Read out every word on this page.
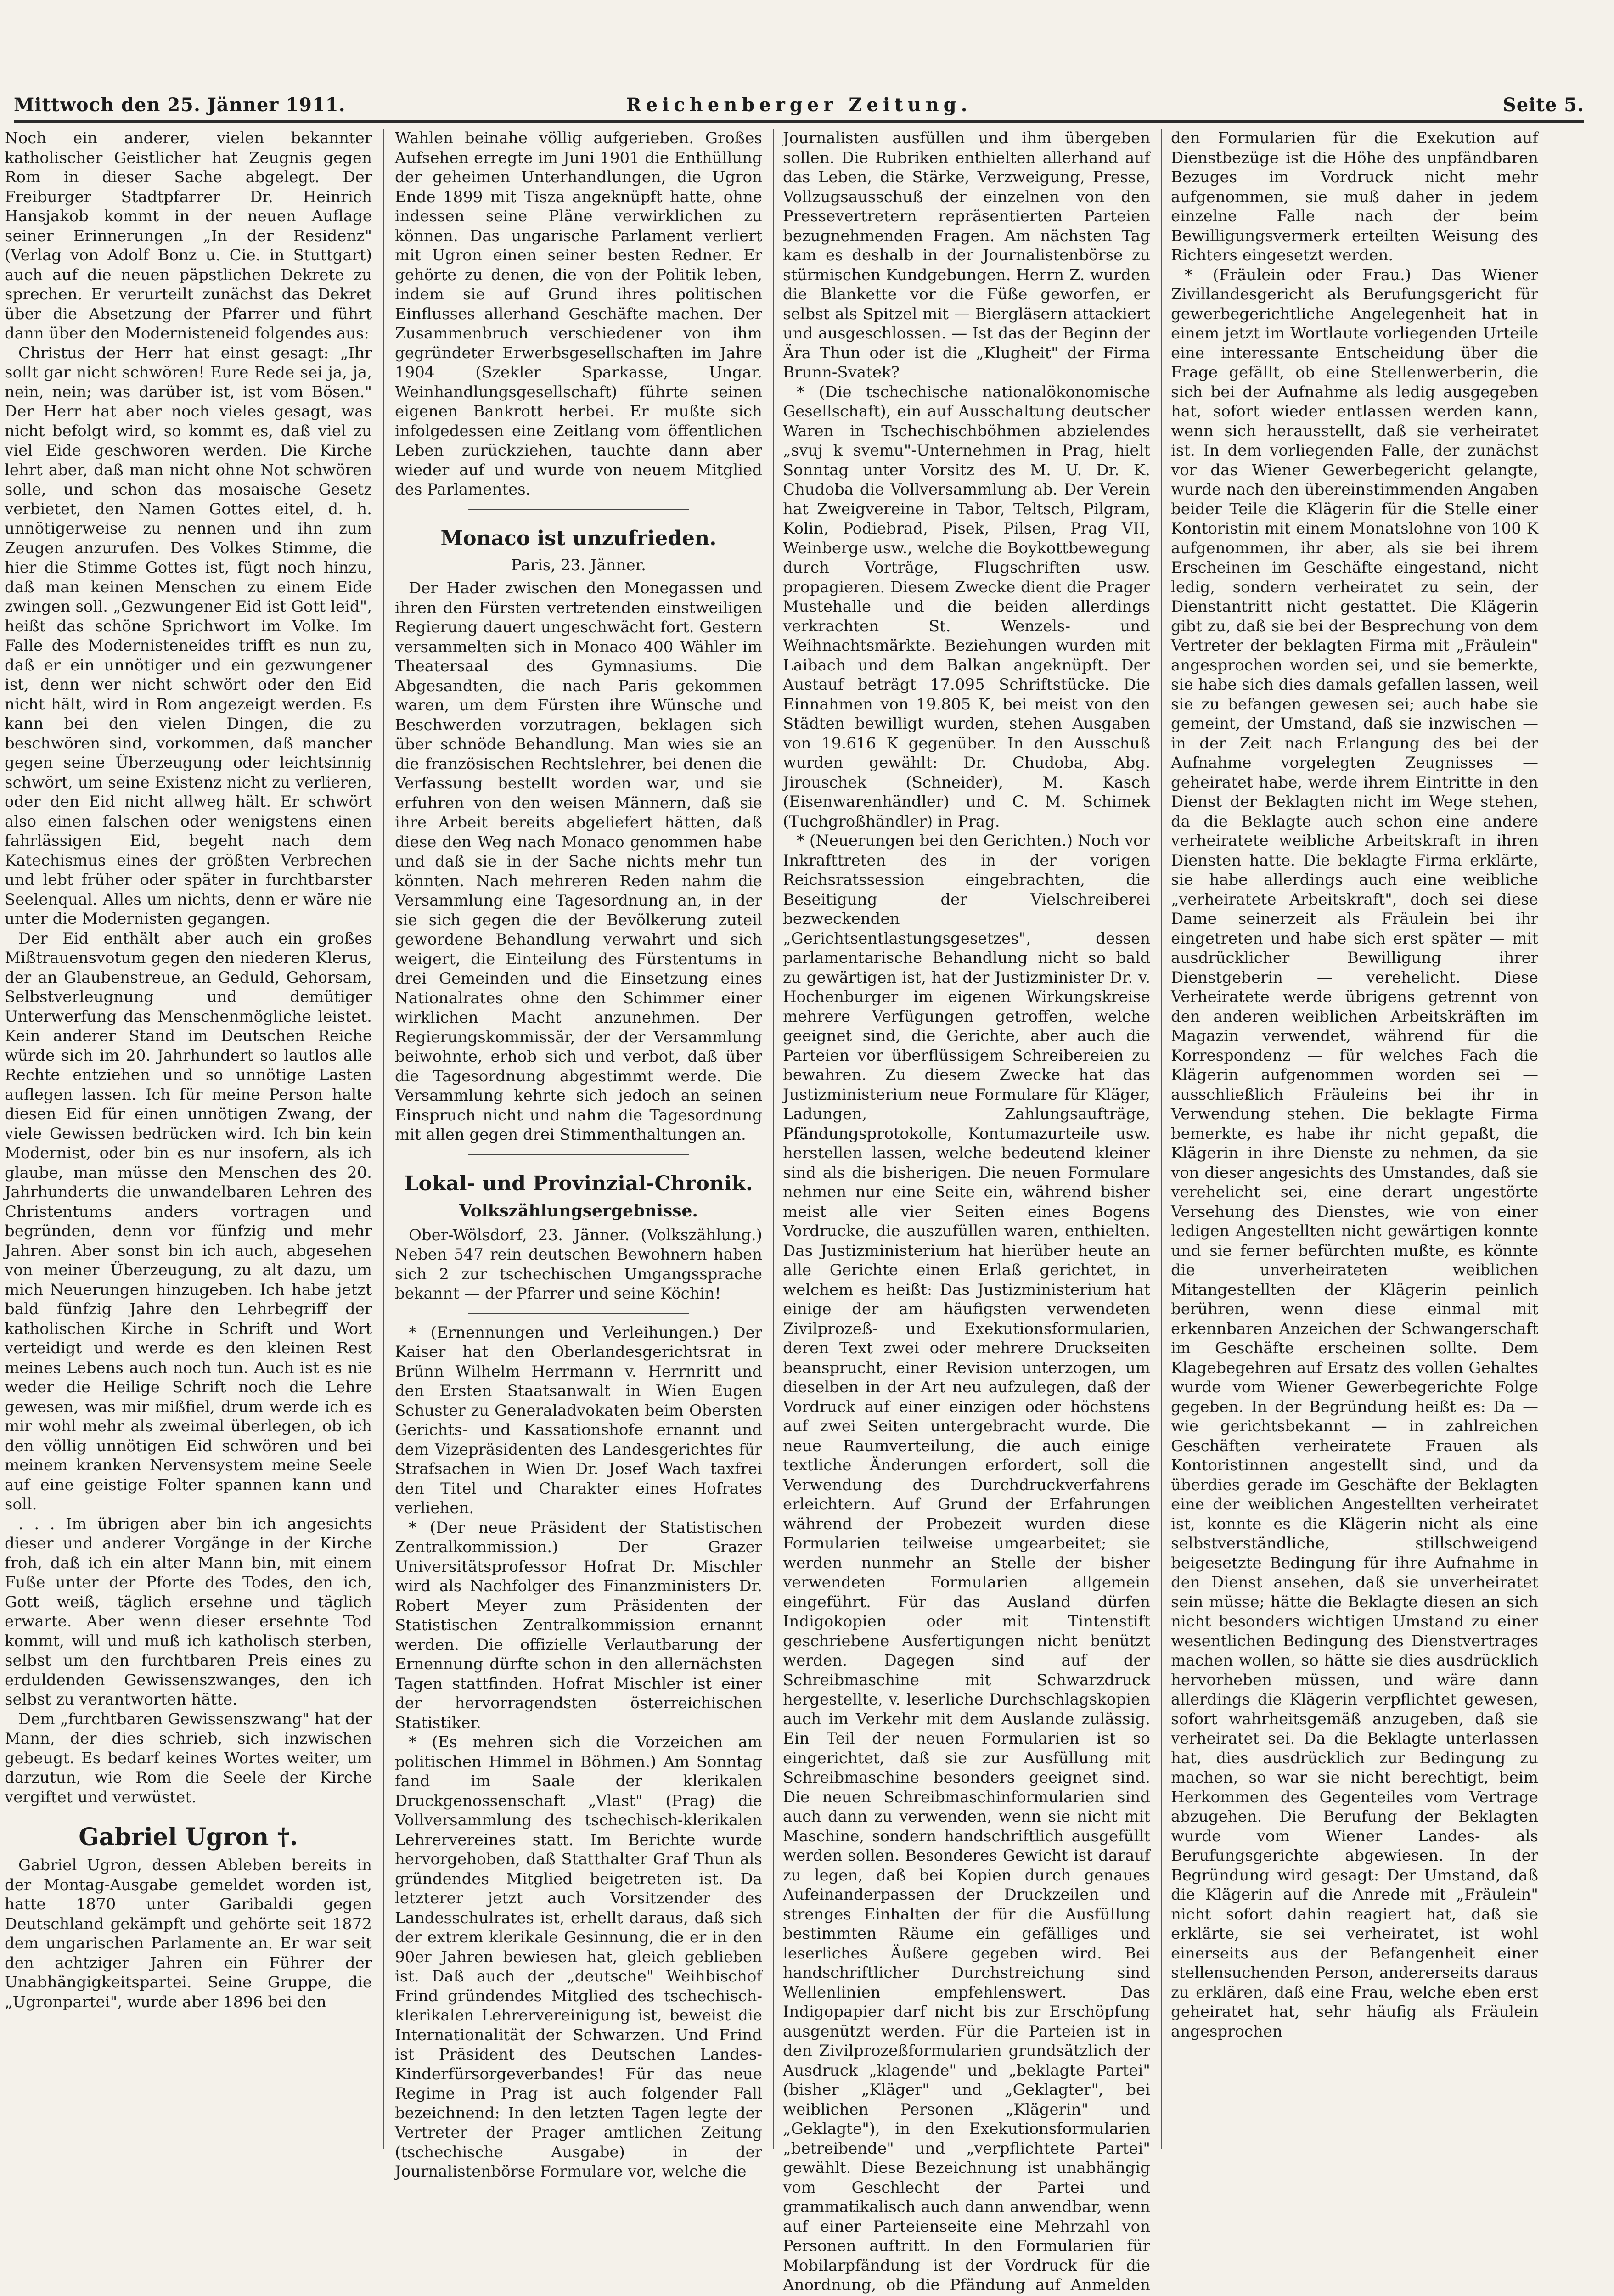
Mittwoch den 25. Jänner 1911.	Reichenberger Zeitung.	Seite 5.

Noch ein anderer, vielen bekannter katholischer Geistlicher hat Zeugnis gegen Rom in dieser Sache abgelegt. Der Freiburger Stadtpfarrer Dr. Heinrich Hansjakob kommt in der neuen Auflage seiner Erinnerungen „In der Residenz" (Verlag von Adolf Bonz u. Cie. in Stuttgart) auch auf die neuen päpstlichen Dekrete zu sprechen. Er verurteilt zunächst das Dekret über die Absetzung der Pfarrer und führt dann über den Modernisteneid folgendes aus:

Christus der Herr hat einst gesagt: „Ihr sollt gar nicht schwören! Eure Rede sei ja, ja, nein, nein; was darüber ist, ist vom Bösen." Der Herr hat aber noch vieles gesagt, was nicht befolgt wird, so kommt es, daß viel zu viel Eide geschworen werden. Die Kirche lehrt aber, daß man nicht ohne Not schwören solle, und schon das mosaische Gesetz verbietet, den Namen Gottes eitel, d. h. unnötigerweise zu nennen und ihn zum Zeugen anzurufen. Des Volkes Stimme, die hier die Stimme Gottes ist, fügt noch hinzu, daß man keinen Menschen zu einem Eide zwingen soll. „Gezwungener Eid ist Gott leid", heißt das schöne Sprichwort im Volke. Im Falle des Modernisteneides trifft es nun zu, daß er ein unnötiger und ein gezwungener ist, denn wer nicht schwört oder den Eid nicht hält, wird in Rom angezeigt werden. Es kann bei den vielen Dingen, die zu beschwören sind, vorkommen, daß mancher gegen seine Überzeugung oder leichtsinnig schwört, um seine Existenz nicht zu verlieren, oder den Eid nicht allweg hält. Er schwört also einen falschen oder wenigstens einen fahrlässigen Eid, begeht nach dem Katechismus eines der größten Verbrechen und lebt früher oder später in furchtbarster Seelenqual. Alles um nichts, denn er wäre nie unter die Modernisten gegangen.

Der Eid enthält aber auch ein großes Mißtrauensvotum gegen den niederen Klerus, der an Glaubenstreue, an Geduld, Gehorsam, Selbstverleugnung und demütiger Unterwerfung das Menschenmögliche leistet. Kein anderer Stand im Deutschen Reiche würde sich im 20. Jahrhundert so lautlos alle Rechte entziehen und so unnötige Lasten auflegen lassen. Ich für meine Person halte diesen Eid für einen unnötigen Zwang, der viele Gewissen bedrücken wird. Ich bin kein Modernist, oder bin es nur insofern, als ich glaube, man müsse den Menschen des 20. Jahrhunderts die unwandelbaren Lehren des Christentums anders vortragen und begründen, denn vor fünfzig und mehr Jahren. Aber sonst bin ich auch, abgesehen von meiner Überzeugung, zu alt dazu, um mich Neuerungen hinzugeben. Ich habe jetzt bald fünfzig Jahre den Lehrbegriff der katholischen Kirche in Schrift und Wort verteidigt und werde es den kleinen Rest meines Lebens auch noch tun. Auch ist es nie weder die Heilige Schrift noch die Lehre gewesen, was mir mißfiel, drum werde ich es mir wohl mehr als zweimal überlegen, ob ich den völlig unnötigen Eid schwören und bei meinem kranken Nervensystem meine Seele auf eine geistige Folter spannen kann und soll.

. . . Im übrigen aber bin ich angesichts dieser und anderer Vorgänge in der Kirche froh, daß ich ein alter Mann bin, mit einem Fuße unter der Pforte des Todes, den ich, Gott weiß, täglich ersehne und täglich erwarte. Aber wenn dieser ersehnte Tod kommt, will und muß ich katholisch sterben, selbst um den furchtbaren Preis eines zu erduldenden Gewissenszwanges, den ich selbst zu verantworten hätte.

Dem „furchtbaren Gewissenszwang" hat der Mann, der dies schrieb, sich inzwischen gebeugt. Es bedarf keines Wortes weiter, um darzutun, wie Rom die Seele der Kirche vergiftet und verwüstet.

Gabriel Ugron †.

Gabriel Ugron, dessen Ableben bereits in der Montag-Ausgabe gemeldet worden ist, hatte 1870 unter Garibaldi gegen Deutschland gekämpft und gehörte seit 1872 dem ungarischen Parlamente an. Er war seit den achtziger Jahren ein Führer der Unabhängigkeitspartei. Seine Gruppe, die „Ugronpartei", wurde aber 1896 bei den

Wahlen beinahe völlig aufgerieben. Großes Aufsehen erregte im Juni 1901 die Enthüllung der geheimen Unterhandlungen, die Ugron Ende 1899 mit Tisza angeknüpft hatte, ohne indessen seine Pläne verwirklichen zu können. Das ungarische Parlament verliert mit Ugron einen seiner besten Redner. Er gehörte zu denen, die von der Politik leben, indem sie auf Grund ihres politischen Einflusses allerhand Geschäfte machen. Der Zusammenbruch verschiedener von ihm gegründeter Erwerbsgesellschaften im Jahre 1904 (Szekler Sparkasse, Ungar. Weinhandlungsgesellschaft) führte seinen eigenen Bankrott herbei. Er mußte sich infolgedessen eine Zeitlang vom öffentlichen Leben zurückziehen, tauchte dann aber wieder auf und wurde von neuem Mitglied des Parlamentes.

Monaco ist unzufrieden.
Paris, 23. Jänner.

Der Hader zwischen den Monegassen und ihren den Fürsten vertretenden einstweiligen Regierung dauert ungeschwächt fort. Gestern versammelten sich in Monaco 400 Wähler im Theatersaal des Gymnasiums. Die Abgesandten, die nach Paris gekommen waren, um dem Fürsten ihre Wünsche und Beschwerden vorzutragen, beklagen sich über schnöde Behandlung. Man wies sie an die französischen Rechtslehrer, bei denen die Verfassung bestellt worden war, und sie erfuhren von den weisen Männern, daß sie ihre Arbeit bereits abgeliefert hätten, daß diese den Weg nach Monaco genommen habe und daß sie in der Sache nichts mehr tun könnten. Nach mehreren Reden nahm die Versammlung eine Tagesordnung an, in der sie sich gegen die der Bevölkerung zuteil gewordene Behandlung verwahrt und sich weigert, die Einteilung des Fürstentums in drei Gemeinden und die Einsetzung eines Nationalrates ohne den Schimmer einer wirklichen Macht anzunehmen. Der Regierungskommissär, der der Versammlung beiwohnte, erhob sich und verbot, daß über die Tagesordnung abgestimmt werde. Die Versammlung kehrte sich jedoch an seinen Einspruch nicht und nahm die Tagesordnung mit allen gegen drei Stimmenthaltungen an.

Lokal- und Provinzial-Chronik.
Volkszählungsergebnisse.

Ober-Wölsdorf, 23. Jänner. (Volkszählung.) Neben 547 rein deutschen Bewohnern haben sich 2 zur tschechischen Umgangssprache bekannt — der Pfarrer und seine Köchin!

* (Ernennungen und Verleihungen.) Der Kaiser hat den Oberlandesgerichtsrat in Brünn Wilhelm Herrmann v. Herrnritt und den Ersten Staatsanwalt in Wien Eugen Schuster zu Generaladvokaten beim Obersten Gerichts- und Kassationshofe ernannt und dem Vizepräsidenten des Landesgerichtes für Strafsachen in Wien Dr. Josef Wach taxfrei den Titel und Charakter eines Hofrates verliehen.

* (Der neue Präsident der Statistischen Zentralkommission.) Der Grazer Universitätsprofessor Hofrat Dr. Mischler wird als Nachfolger des Finanzministers Dr. Robert Meyer zum Präsidenten der Statistischen Zentralkommission ernannt werden. Die offizielle Verlautbarung der Ernennung dürfte schon in den allernächsten Tagen stattfinden. Hofrat Mischler ist einer der hervorragendsten österreichischen Statistiker.

* (Es mehren sich die Vorzeichen am politischen Himmel in Böhmen.) Am Sonntag fand im Saale der klerikalen Druckgenossenschaft „Vlast" (Prag) die Vollversammlung des tschechisch-klerikalen Lehrervereines statt. Im Berichte wurde hervorgehoben, daß Statthalter Graf Thun als gründendes Mitglied beigetreten ist. Da letzterer jetzt auch Vorsitzender des Landesschulrates ist, erhellt daraus, daß sich der extrem klerikale Gesinnung, die er in den 90er Jahren bewiesen hat, gleich geblieben ist. Daß auch der „deutsche" Weihbischof Frind gründendes Mitglied des tschechisch-klerikalen Lehrervereinigung ist, beweist die Internationalität der Schwarzen. Und Frind ist Präsident des Deutschen Landes-Kinderfürsorgeverbandes! Für das neue Regime in Prag ist auch folgender Fall bezeichnend: In den letzten Tagen legte der Vertreter der Prager amtlichen Zeitung (tschechische Ausgabe) in der Journalistenbörse Formulare vor, welche die

Journalisten ausfüllen und ihm übergeben sollen. Die Rubriken enthielten allerhand auf das Leben, die Stärke, Verzweigung, Presse, Vollzugsausschuß der einzelnen von den Pressevertretern repräsentierten Parteien bezugnehmenden Fragen. Am nächsten Tag kam es deshalb in der Journalistenbörse zu stürmischen Kundgebungen. Herrn Z. wurden die Blankette vor die Füße geworfen, er selbst als Spitzel mit — Biergläsern attackiert und ausgeschlossen. — Ist das der Beginn der Ära Thun oder ist die „Klugheit" der Firma Brunn-Svatek?

* (Die tschechische nationalökonomische Gesellschaft), ein auf Ausschaltung deutscher Waren in Tschechischböhmen abzielendes „svuj k svemu"-Unternehmen in Prag, hielt Sonntag unter Vorsitz des M. U. Dr. K. Chudoba die Vollversammlung ab. Der Verein hat Zweigvereine in Tabor, Teltsch, Pilgram, Kolin, Podiebrad, Pisek, Pilsen, Prag VII, Weinberge usw., welche die Boykottbewegung durch Vorträge, Flugschriften usw. propagieren. Diesem Zwecke dient die Prager Mustehalle und die beiden allerdings verkrachten St. Wenzels- und Weihnachtsmärkte. Beziehungen wurden mit Laibach und dem Balkan angeknüpft. Der Austauf beträgt 17.095 Schriftstücke. Die Einnahmen von 19.805 K, bei meist von den Städten bewilligt wurden, stehen Ausgaben von 19.616 K gegenüber. In den Ausschuß wurden gewählt: Dr. Chudoba, Abg. Jirouschek (Schneider), M. Kasch (Eisenwarenhändler) und C. M. Schimek (Tuchgroßhändler) in Prag.

* (Neuerungen bei den Gerichten.) Noch vor Inkrafttreten des in der vorigen Reichsratssession eingebrachten, die Beseitigung der Vielschreiberei bezweckenden „Gerichtsentlastungsgesetzes", dessen parlamentarische Behandlung nicht so bald zu gewärtigen ist, hat der Justizminister Dr. v. Hochenburger im eigenen Wirkungskreise mehrere Verfügungen getroffen, welche geeignet sind, die Gerichte, aber auch die Parteien vor überflüssigem Schreibereien zu bewahren. Zu diesem Zwecke hat das Justizministerium neue Formulare für Kläger, Ladungen, Zahlungsaufträge, Pfändungsprotokolle, Kontumazurteile usw. herstellen lassen, welche bedeutend kleiner sind als die bisherigen. Die neuen Formulare nehmen nur eine Seite ein, während bisher meist alle vier Seiten eines Bogens Vordrucke, die auszufüllen waren, enthielten. Das Justizministerium hat hierüber heute an alle Gerichte einen Erlaß gerichtet, in welchem es heißt: Das Justizministerium hat einige der am häufigsten verwendeten Zivilprozeß- und Exekutionsformularien, deren Text zwei oder mehrere Druckseiten beansprucht, einer Revision unterzogen, um dieselben in der Art neu aufzulegen, daß der Vordruck auf einer einzigen oder höchstens auf zwei Seiten untergebracht wurde. Die neue Raumverteilung, die auch einige textliche Änderungen erfordert, soll die Verwendung des Durchdruckverfahrens erleichtern. Auf Grund der Erfahrungen während der Probezeit wurden diese Formularien teilweise umgearbeitet; sie werden nunmehr an Stelle der bisher verwendeten Formularien allgemein eingeführt. Für das Ausland dürfen Indigokopien oder mit Tintenstift geschriebene Ausfertigungen nicht benützt werden. Dagegen sind auf der Schreibmaschine mit Schwarzdruck hergestellte, v. leserliche Durchschlagskopien auch im Verkehr mit dem Auslande zulässig. Ein Teil der neuen Formularien ist so eingerichtet, daß sie zur Ausfüllung mit Schreibmaschine besonders geeignet sind. Die neuen Schreibmaschinformularien sind auch dann zu verwenden, wenn sie nicht mit Maschine, sondern handschriftlich ausgefüllt werden sollen. Besonderes Gewicht ist darauf zu legen, daß bei Kopien durch genaues Aufeinanderpassen der Druckzeilen und strenges Einhalten der für die Ausfüllung bestimmten Räume ein gefälliges und leserliches Äußere gegeben wird. Bei handschriftlicher Durchstreichung sind Wellenlinien empfehlenswert. Das Indigopapier darf nicht bis zur Erschöpfung ausgenützt werden. Für die Parteien ist in den Zivilprozeßformularien grundsätzlich der Ausdruck „klagende" und „beklagte Partei" (bisher „Kläger" und „Geklagter", bei weiblichen Personen „Klägerin" und „Geklagte"), in den Exekutionsformularien „betreibende" und „verpflichtete Partei" gewählt. Diese Bezeichnung ist unabhängig vom Geschlecht der Partei und grammatikalisch auch dann anwendbar, wenn auf einer Parteienseite eine Mehrzahl von Personen auftritt. In den Formularien für Mobilarpfändung ist der Vordruck für die Anordnung, ob die Pfändung auf Anmelden

den Formularien für die Exekution auf Dienstbezüge ist die Höhe des unpfändbaren Bezuges im Vordruck nicht mehr aufgenommen, sie muß daher in jedem einzelne Falle nach der beim Bewilligungsvermerk erteilten Weisung des Richters eingesetzt werden.

* (Fräulein oder Frau.) Das Wiener Zivillandesgericht als Berufungsgericht für gewerbegerichtliche Angelegenheit hat in einem jetzt im Wortlaute vorliegenden Urteile eine interessante Entscheidung über die Frage gefällt, ob eine Stellenwerberin, die sich bei der Aufnahme als ledig ausgegeben hat, sofort wieder entlassen werden kann, wenn sich herausstellt, daß sie verheiratet ist. In dem vorliegenden Falle, der zunächst vor das Wiener Gewerbegericht gelangte, wurde nach den übereinstimmenden Angaben beider Teile die Klägerin für die Stelle einer Kontoristin mit einem Monatslohne von 100 K aufgenommen, ihr aber, als sie bei ihrem Erscheinen im Geschäfte eingestand, nicht ledig, sondern verheiratet zu sein, der Dienstantritt nicht gestattet. Die Klägerin gibt zu, daß sie bei der Besprechung von dem Vertreter der beklagten Firma mit „Fräulein" angesprochen worden sei, und sie bemerkte, sie habe sich dies damals gefallen lassen, weil sie zu befangen gewesen sei; auch habe sie gemeint, der Umstand, daß sie inzwischen — in der Zeit nach Erlangung des bei der Aufnahme vorgelegten Zeugnisses — geheiratet habe, werde ihrem Eintritte in den Dienst der Beklagten nicht im Wege stehen, da die Beklagte auch schon eine andere verheiratete weibliche Arbeitskraft in ihren Diensten hatte. Die beklagte Firma erklärte, sie habe allerdings auch eine weibliche „verheiratete Arbeitskraft", doch sei diese Dame seinerzeit als Fräulein bei ihr eingetreten und habe sich erst später — mit ausdrücklicher Bewilligung ihrer Dienstgeberin — verehelicht. Diese Verheiratete werde übrigens getrennt von den anderen weiblichen Arbeitskräften im Magazin verwendet, während für die Korrespondenz — für welches Fach die Klägerin aufgenommen worden sei — ausschließlich Fräuleins bei ihr in Verwendung stehen. Die beklagte Firma bemerkte, es habe ihr nicht gepaßt, die Klägerin in ihre Dienste zu nehmen, da sie von dieser angesichts des Umstandes, daß sie verehelicht sei, eine derart ungestörte Versehung des Dienstes, wie von einer ledigen Angestellten nicht gewärtigen konnte und sie ferner befürchten mußte, es könnte die unverheirateten weiblichen Mitangestellten der Klägerin peinlich berühren, wenn diese einmal mit erkennbaren Anzeichen der Schwangerschaft im Geschäfte erscheinen sollte. Dem Klagebegehren auf Ersatz des vollen Gehaltes wurde vom Wiener Gewerbegerichte Folge gegeben. In der Begründung heißt es: Da — wie gerichtsbekannt — in zahlreichen Geschäften verheiratete Frauen als Kontoristinnen angestellt sind, und da überdies gerade im Geschäfte der Beklagten eine der weiblichen Angestellten verheiratet ist, konnte es die Klägerin nicht als eine selbstverständliche, stillschweigend beigesetzte Bedingung für ihre Aufnahme in den Dienst ansehen, daß sie unverheiratet sein müsse; hätte die Beklagte diesen an sich nicht besonders wichtigen Umstand zu einer wesentlichen Bedingung des Dienstvertrages machen wollen, so hätte sie dies ausdrücklich hervorheben müssen, und wäre dann allerdings die Klägerin verpflichtet gewesen, sofort wahrheitsgemäß anzugeben, daß sie verheiratet sei. Da die Beklagte unterlassen hat, dies ausdrücklich zur Bedingung zu machen, so war sie nicht berechtigt, beim Herkommen des Gegenteiles vom Vertrage abzugehen. Die Berufung der Beklagten wurde vom Wiener Landes- als Berufungsgerichte abgewiesen. In der Begründung wird gesagt: Der Umstand, daß die Klägerin auf die Anrede mit „Fräulein" nicht sofort dahin reagiert hat, daß sie erklärte, sie sei verheiratet, ist wohl einerseits aus der Befangenheit einer stellensuchenden Person, andererseits daraus zu erklären, daß eine Frau, welche eben erst geheiratet hat, sehr häufig als Fräulein angesprochen
